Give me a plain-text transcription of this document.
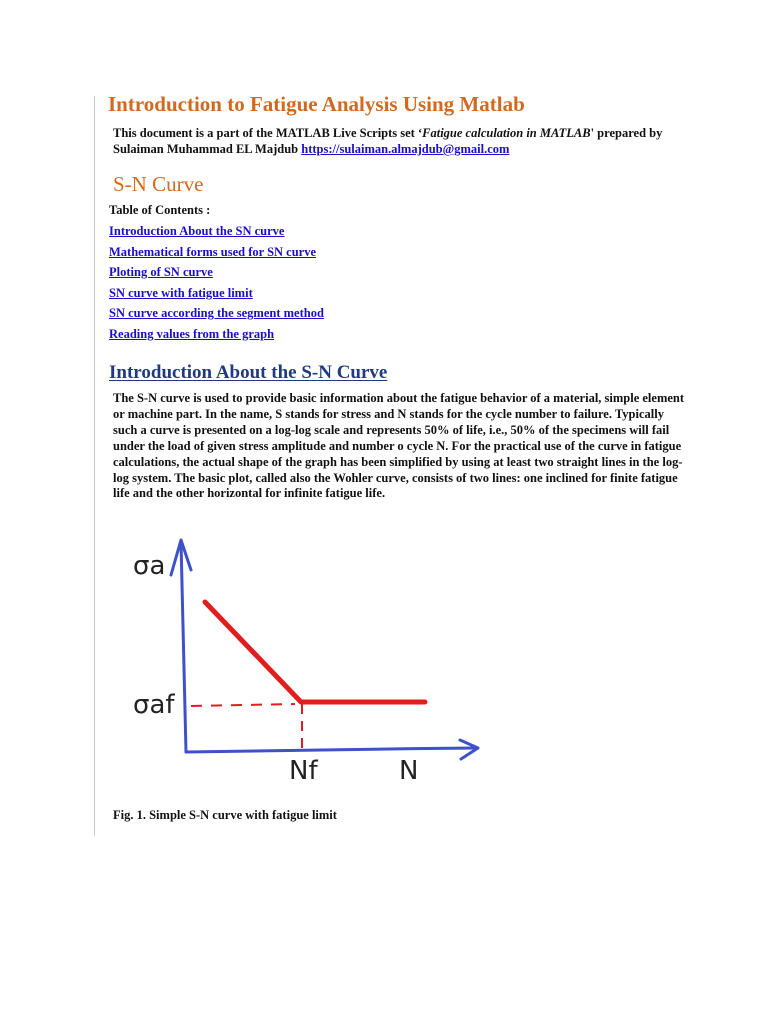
Introduction to Fatigue Analysis Using Matlab

This document is a part of the MATLAB Live Scripts set ‘Fatigue calculation in MATLAB' prepared by Sulaiman Muhammad EL Majdub https://sulaiman.almajdub@gmail.com

S-N Curve

Table of Contents :

Introduction About the SN curve
Mathematical forms used for SN curve
Ploting of SN curve
SN curve with fatigue limit
SN curve according the segment method
Reading values from the graph
Introduction About the S-N Curve

The S-N curve is used to provide basic information about the fatigue behavior of a material, simple element or machine part. In the name, S stands for stress and N stands for the cycle number to failure. Typically such a curve is presented on a log-log scale and represents 50% of life, i.e., 50% of the specimens will fail under the load of given stress amplitude and number o cycle N. For the practical use of the curve in fatigue calculations, the actual shape of the graph has been simplified by using at least two straight lines in the log-log system. The basic plot, called also the Wohler curve, consists of two lines: one inclined for finite fatigue life and the other horizontal for infinite fatigue life.

σa
σaf
Nf	N

Fig. 1. Simple S-N curve with fatigue limit
